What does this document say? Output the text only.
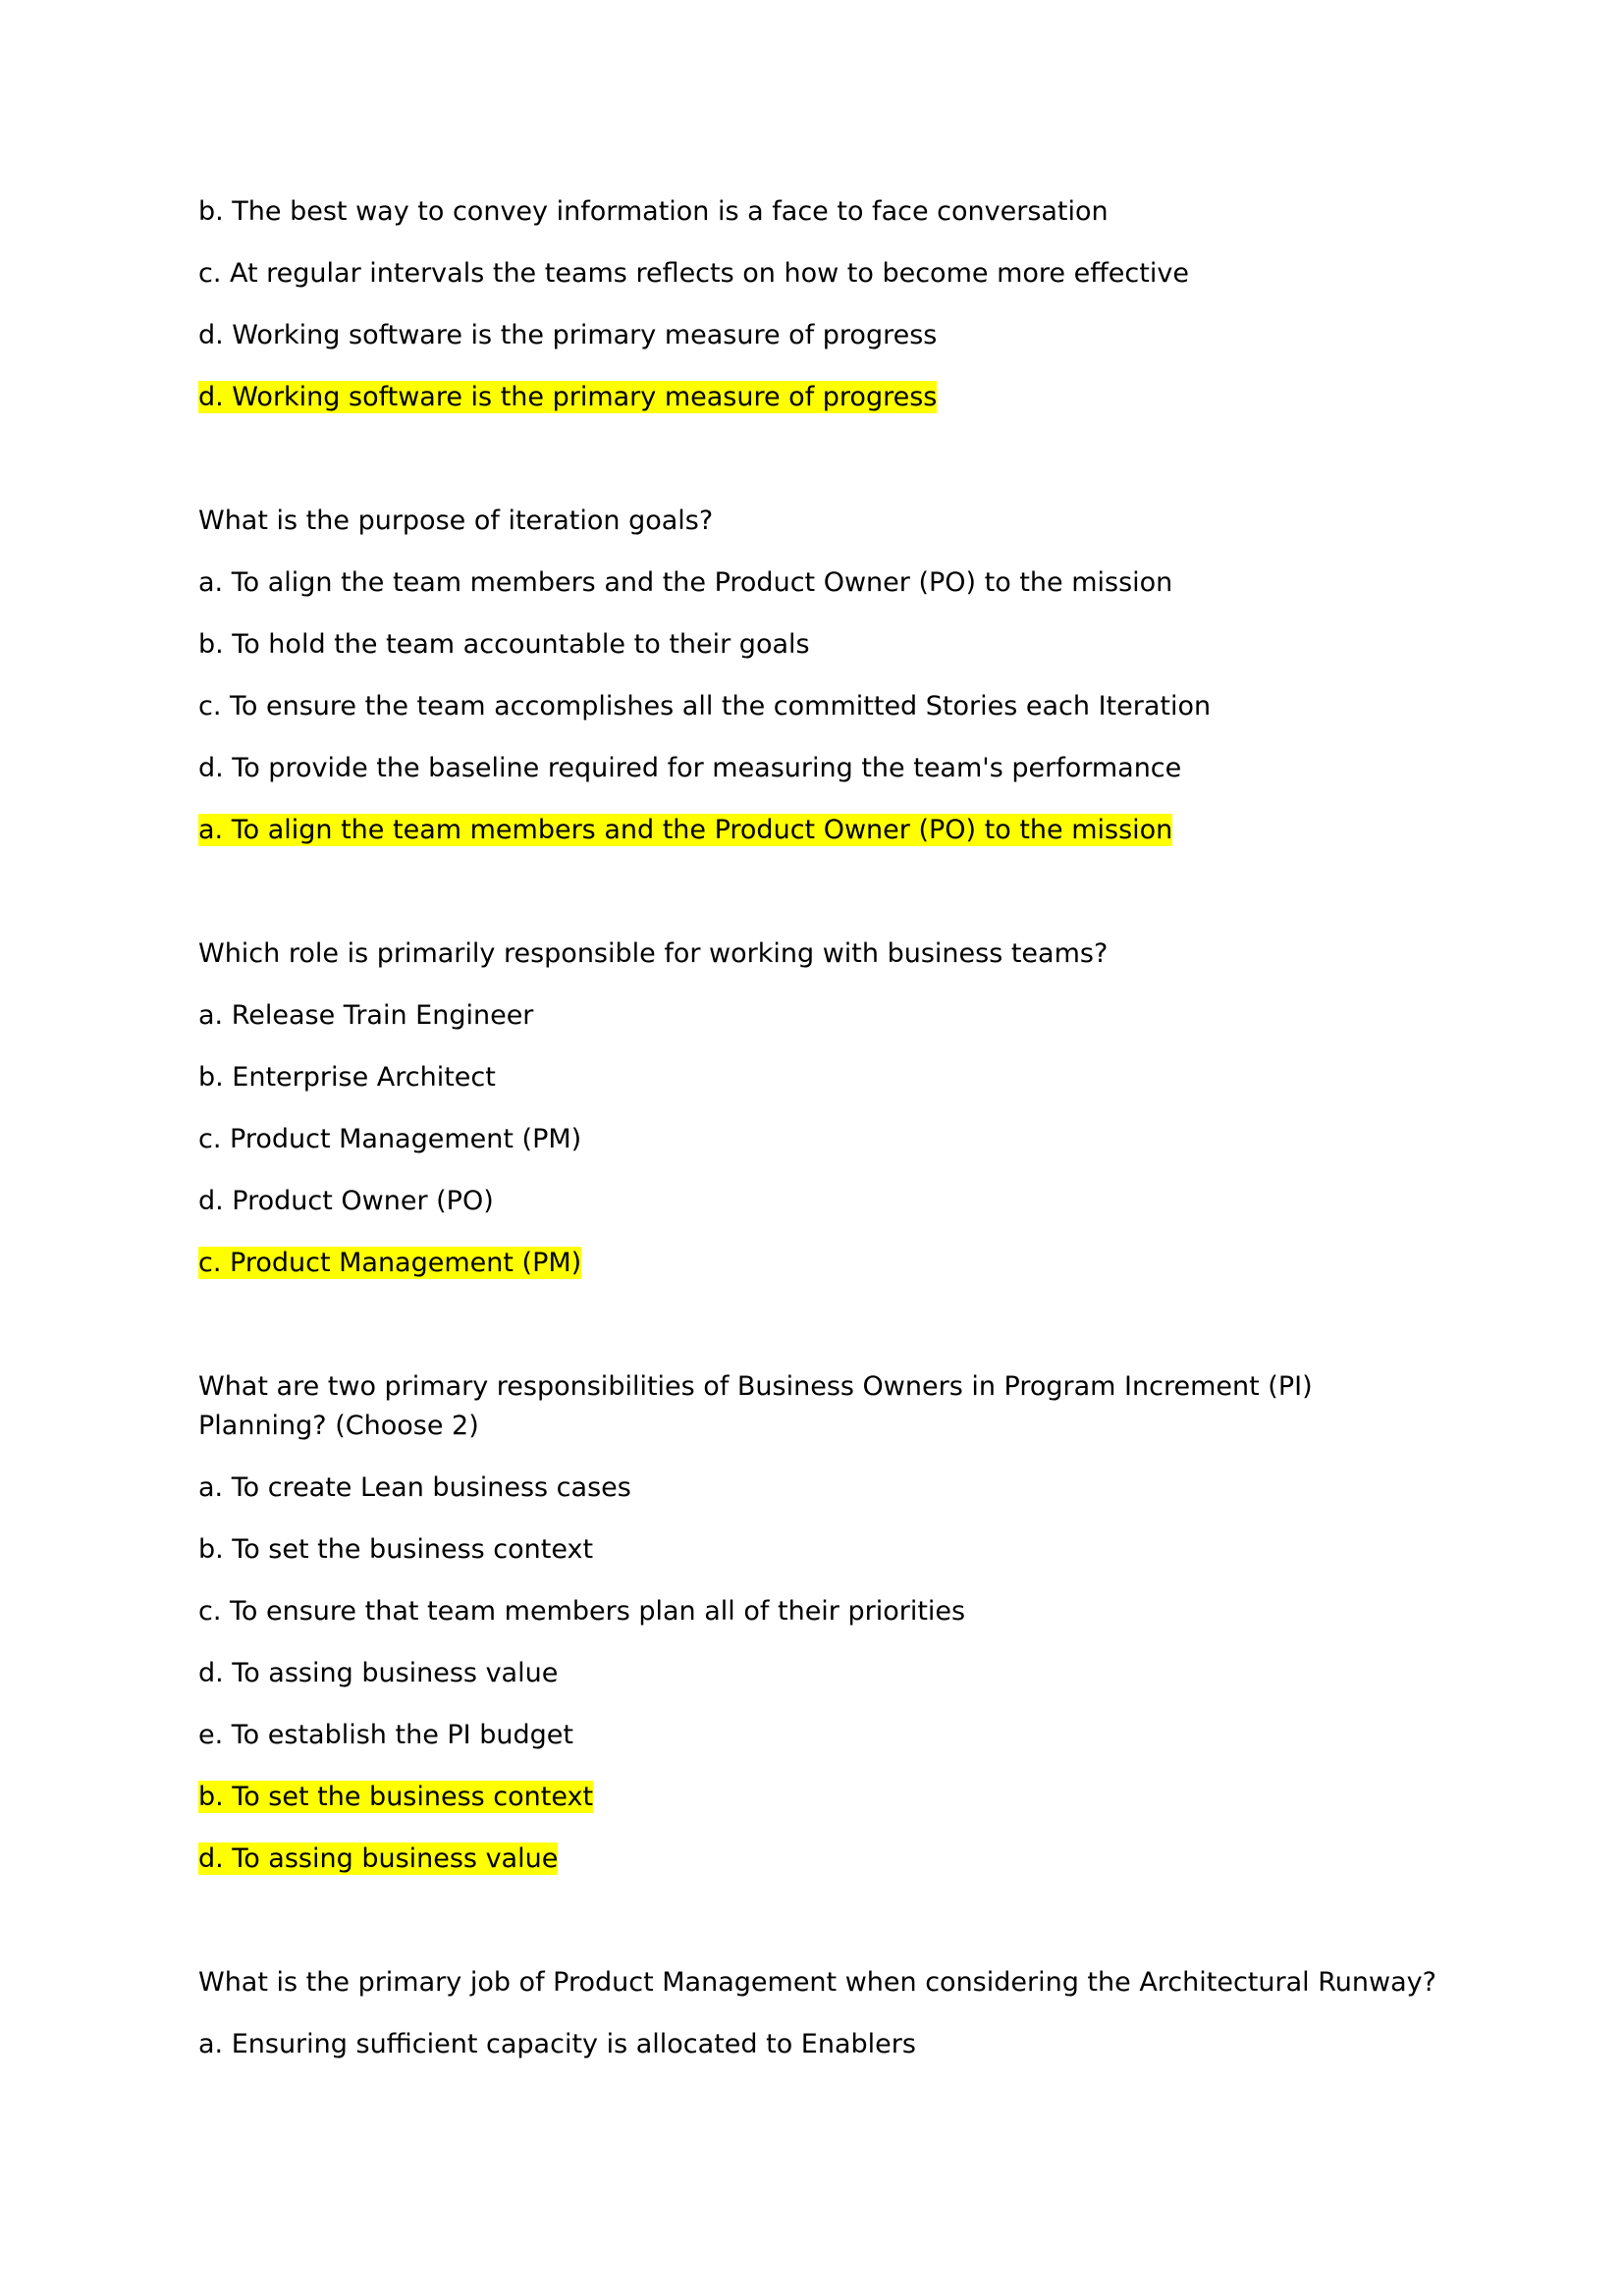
b. The best way to convey information is a face to face conversation
c. At regular intervals the teams reflects on how to become more effective
d. Working software is the primary measure of progress
d. Working software is the primary measure of progress
What is the purpose of iteration goals?
a. To align the team members and the Product Owner (PO) to the mission
b. To hold the team accountable to their goals
c. To ensure the team accomplishes all the committed Stories each Iteration
d. To provide the baseline required for measuring the team's performance
a. To align the team members and the Product Owner (PO) to the mission
Which role is primarily responsible for working with business teams?
a. Release Train Engineer
b. Enterprise Architect
c. Product Management (PM)
d. Product Owner (PO)
c. Product Management (PM)
What are two primary responsibilities of Business Owners in Program Increment (PI) Planning? (Choose 2)
a. To create Lean business cases
b. To set the business context
c. To ensure that team members plan all of their priorities
d. To assing business value
e. To establish the PI budget
b. To set the business context
d. To assing business value
What is the primary job of Product Management when considering the Architectural Runway?
a. Ensuring sufficient capacity is allocated to Enablers
